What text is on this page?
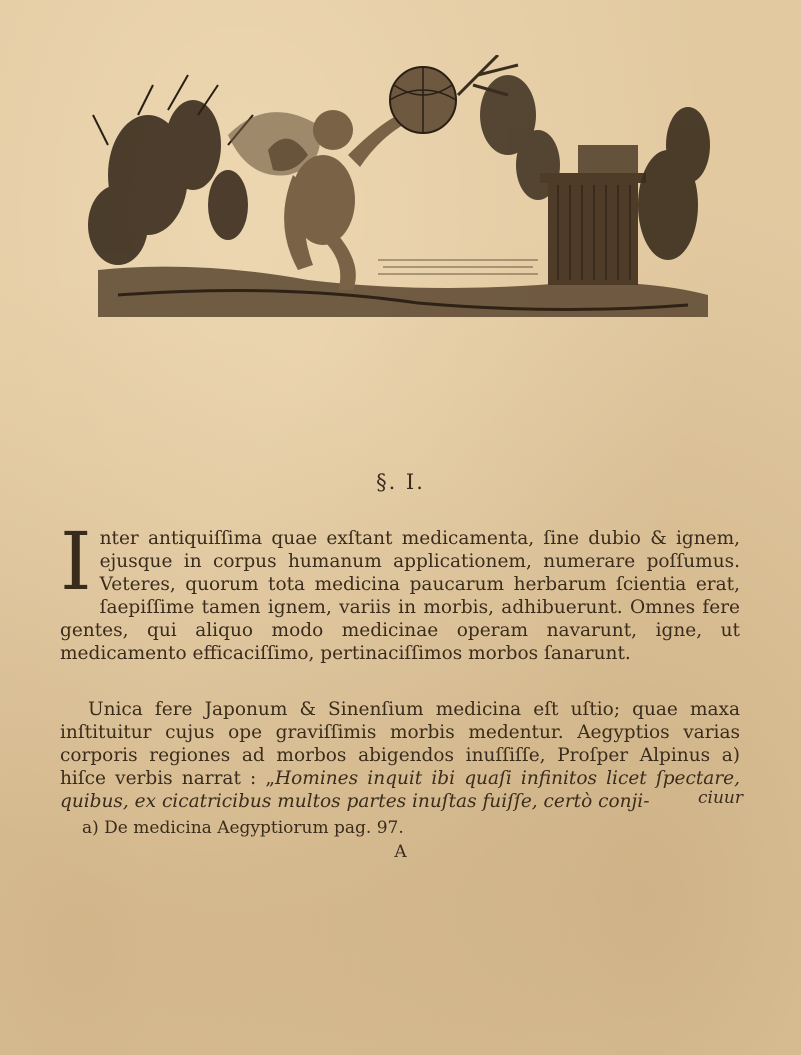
§. I.

Inter antiquiſſima quae exſtant medicamenta, ſine dubio & ignem, ejusque in corpus humanum applicationem, numerare poſſumus. Veteres, quorum tota medicina paucarum herbarum ſcientia erat, ſaepiſſime tamen ignem, variis in morbis, adhibuerunt. Omnes fere gentes, qui aliquo modo medicinae operam navarunt, igne, ut medicamento efficaciſſimo, pertinaciſſimos morbos ſanarunt.

Unica fere Japonum & Sinenſium medicina eſt uſtio; quae maxa inſtituitur cujus ope graviſſimis morbis medentur. Aegyptios varias corporis regiones ad morbos abigendos inuſſiſſe, Proſper Alpinus a) hiſce verbis narrat : „Homines inquit ibi quaſi infinitos licet ſpectare, quibus, ex cicatricibus multos partes inuſtas fuiſſe, certò conji-	ciuur
a) De medicina Aegyptiorum pag. 97.
A
